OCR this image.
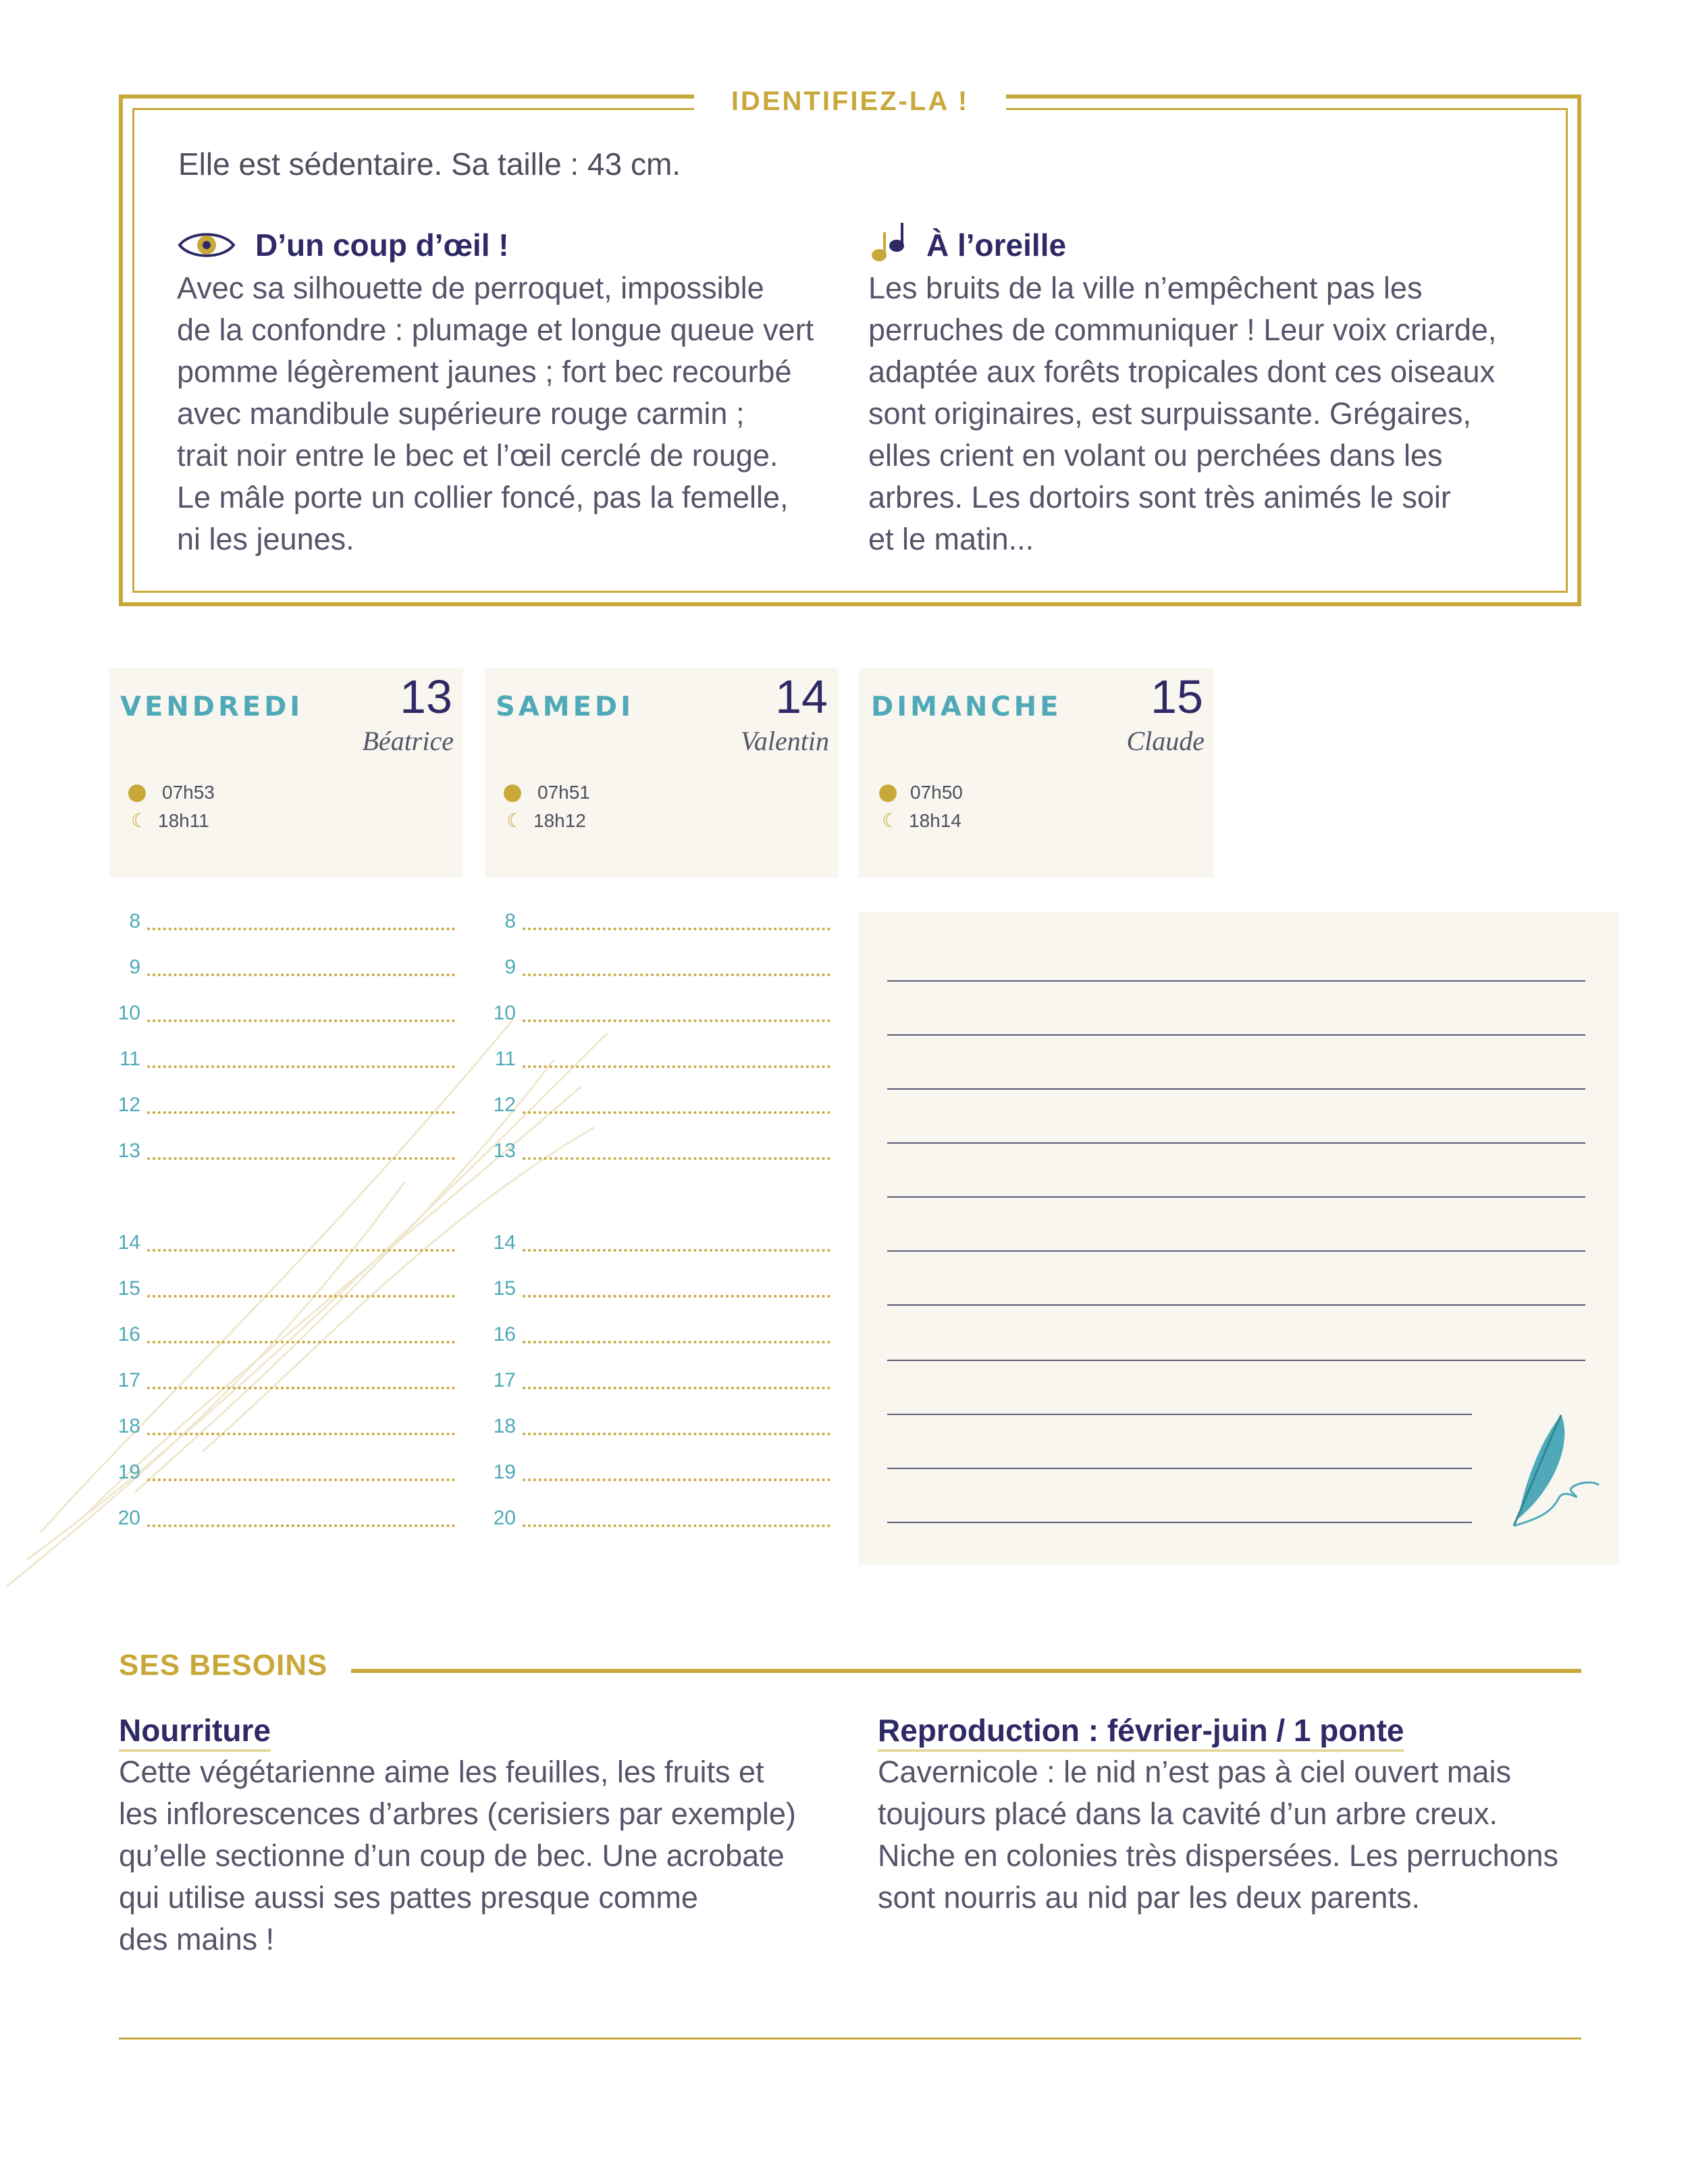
IDENTIFIEZ-LA !
Elle est sédentaire. Sa taille : 43 cm.
D’un coup d’œil !
Avec sa silhouette de perroquet, impossible
de la confondre : plumage et longue queue vert
pomme légèrement jaunes ; fort bec recourbé
avec mandibule supérieure rouge carmin ;
trait noir entre le bec et l’œil cerclé de rouge.
Le mâle porte un collier foncé, pas la femelle,
ni les jeunes.
À l’oreille
Les bruits de la ville n’empêchent pas les
perruches de communiquer ! Leur voix criarde,
adaptée aux forêts tropicales dont ces oiseaux
sont originaires, est surpuissante. Grégaires,
elles crient en volant ou perchées dans les
arbres. Les dortoirs sont très animés le soir
et le matin...
VENDREDI	13
Béatrice
07h53
☾ 18h11
SAMEDI	14
Valentin
07h51
☾ 18h12
DIMANCHE	15
Claude
07h50
☾ 18h14
8
9
10
11
12
13
14
15
16
17
18
19
20
8
9
10
11
12
13
14
15
16
17
18
19
20
SES BESOINS
Nourriture
Cette végétarienne aime les feuilles, les fruits et
les inflorescences d’arbres (cerisiers par exemple)
qu’elle sectionne d’un coup de bec. Une acrobate
qui utilise aussi ses pattes presque comme
des mains !
Reproduction : février-juin / 1 ponte
Cavernicole : le nid n’est pas à ciel ouvert mais
toujours placé dans la cavité d’un arbre creux.
Niche en colonies très dispersées. Les perruchons
sont nourris au nid par les deux parents.
